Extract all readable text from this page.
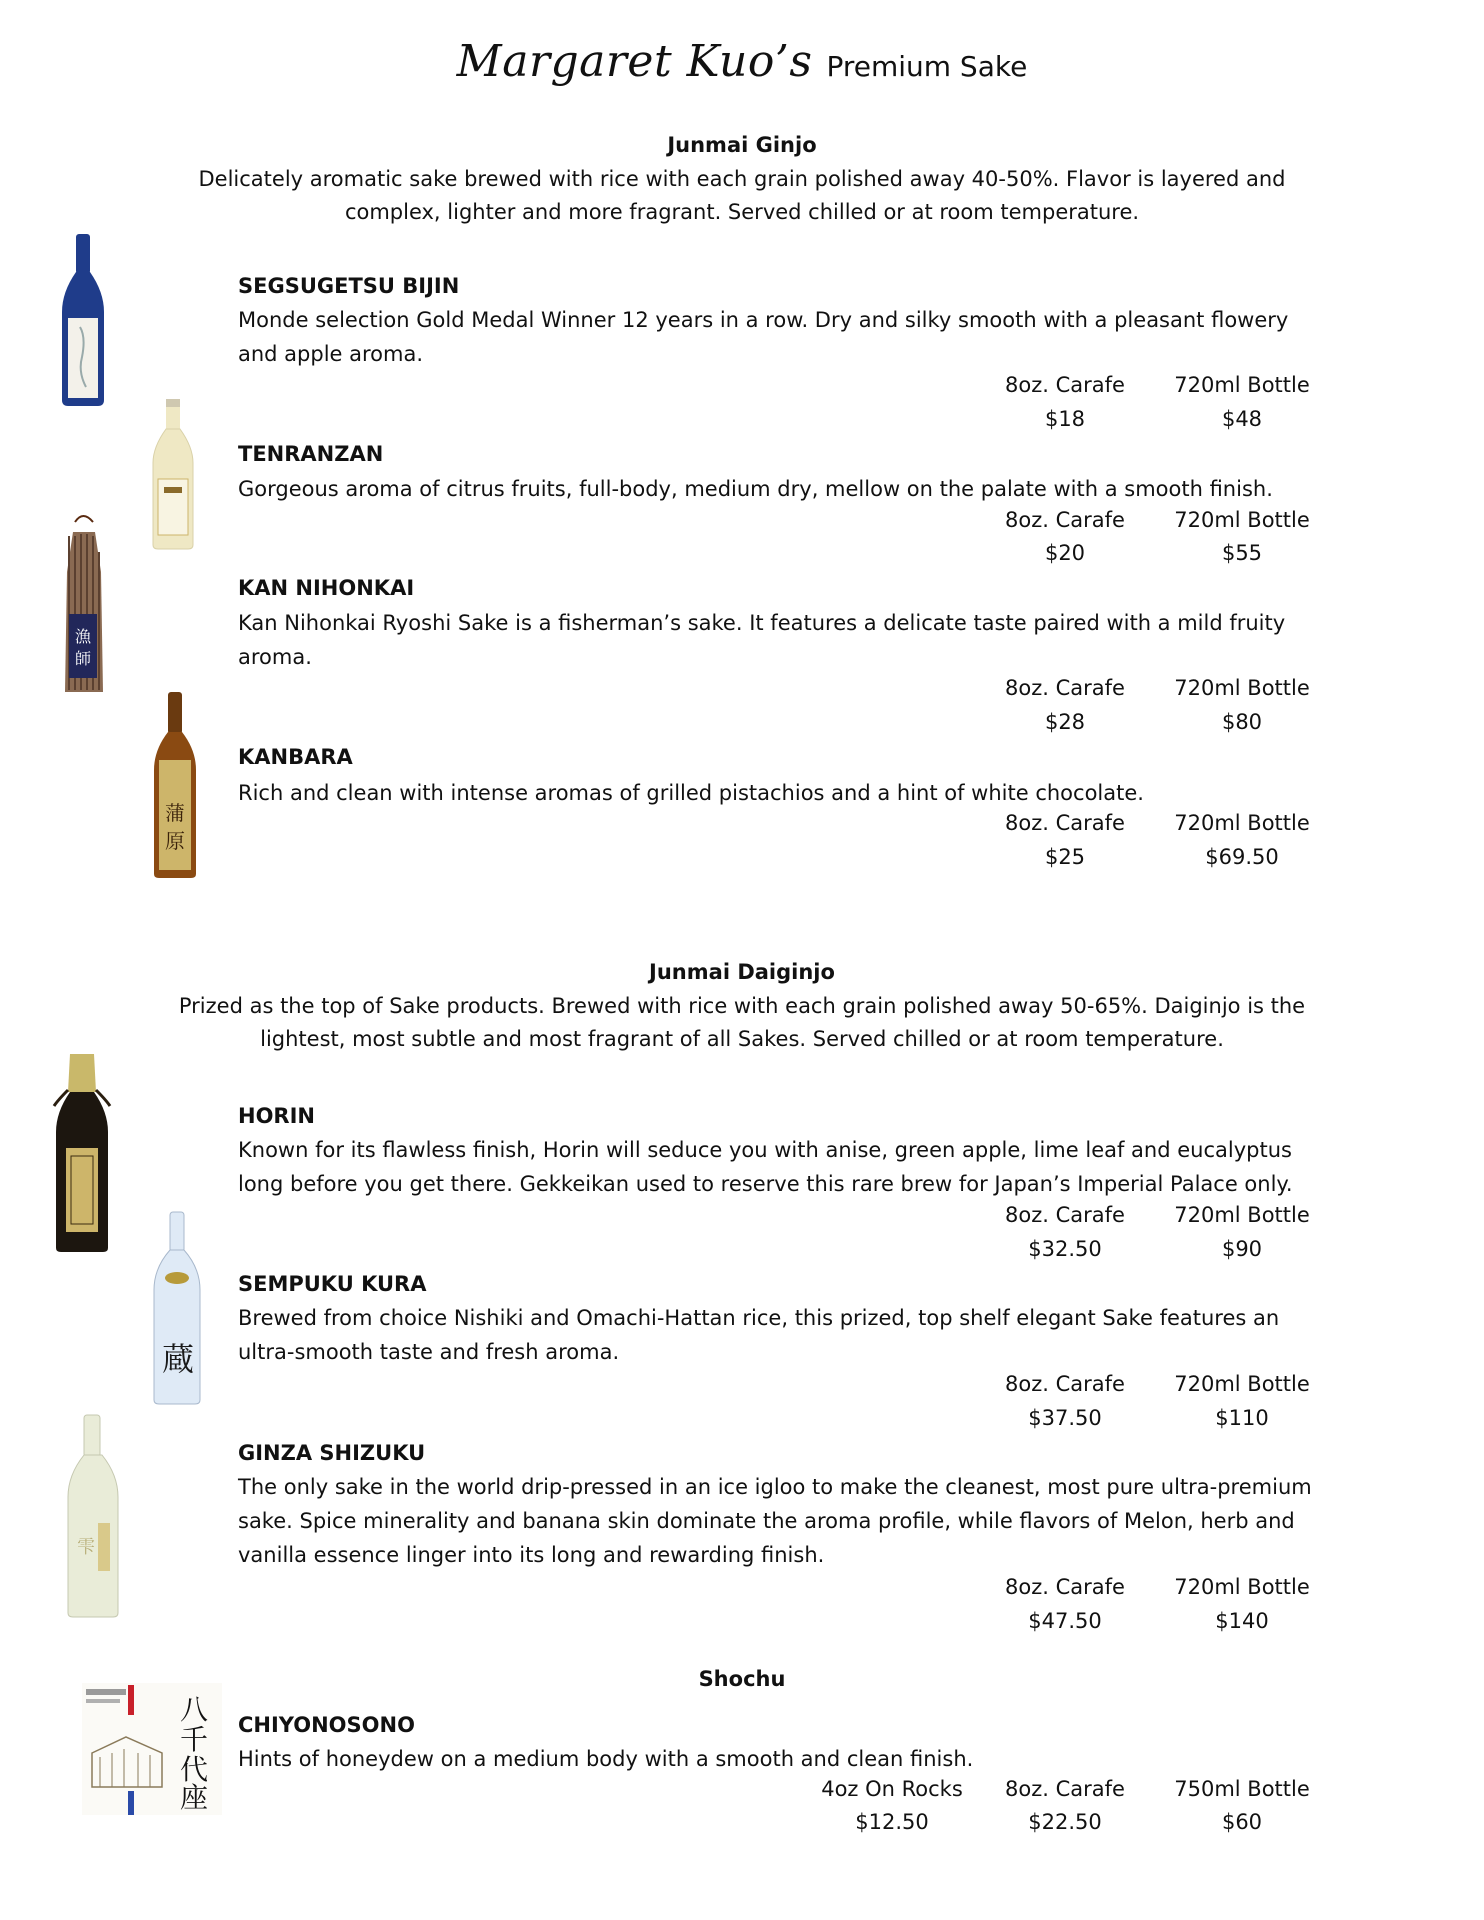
Margaret Kuo’s Premium Sake
Junmai Ginjo
Delicately aromatic sake brewed with rice with each grain polished away 40-50%. Flavor is layered and complex, lighter and more fragrant. Served chilled or at room temperature.
漁
師
蒲
原
SEGSUGETSU BIJIN
Monde selection Gold Medal Winner 12 years in a row. Dry and silky smooth with a pleasant flowery and apple aroma.
8oz. Carafe	720ml Bottle
$18	$48
TENRANZAN
Gorgeous aroma of citrus fruits, full-body, medium dry, mellow on the palate with a smooth finish.
8oz. Carafe	720ml Bottle
$20	$55
KAN NIHONKAI
Kan Nihonkai Ryoshi Sake is a fisherman’s sake. It features a delicate taste paired with a mild fruity aroma.
8oz. Carafe	720ml Bottle
$28	$80
KANBARA
Rich and clean with intense aromas of grilled pistachios and a hint of white chocolate.
8oz. Carafe	720ml Bottle
$25	$69.50
Junmai Daiginjo
Prized as the top of Sake products. Brewed with rice with each grain polished away 50-65%. Daiginjo is the lightest, most subtle and most fragrant of all Sakes. Served chilled or at room temperature.
蔵
雫
HORIN
Known for its flawless finish, Horin will seduce you with anise, green apple, lime leaf and eucalyptus long before you get there. Gekkeikan used to reserve this rare brew for Japan’s Imperial Palace only.
8oz. Carafe	720ml Bottle
$32.50	$90
SEMPUKU KURA
Brewed from choice Nishiki and Omachi-Hattan rice, this prized, top shelf elegant Sake features an ultra-smooth taste and fresh aroma.
8oz. Carafe	720ml Bottle
$37.50	$110
GINZA SHIZUKU
The only sake in the world drip-pressed in an ice igloo to make the cleanest, most pure ultra-premium sake. Spice minerality and banana skin dominate the aroma profile, while flavors of Melon, herb and vanilla essence linger into its long and rewarding finish.
8oz. Carafe	720ml Bottle
$47.50	$140
Shochu
八
千
代
座
CHIYONOSONO
Hints of honeydew on a medium body with a smooth and clean finish.
4oz On Rocks	8oz. Carafe	750ml Bottle
$12.50	$22.50	$60
